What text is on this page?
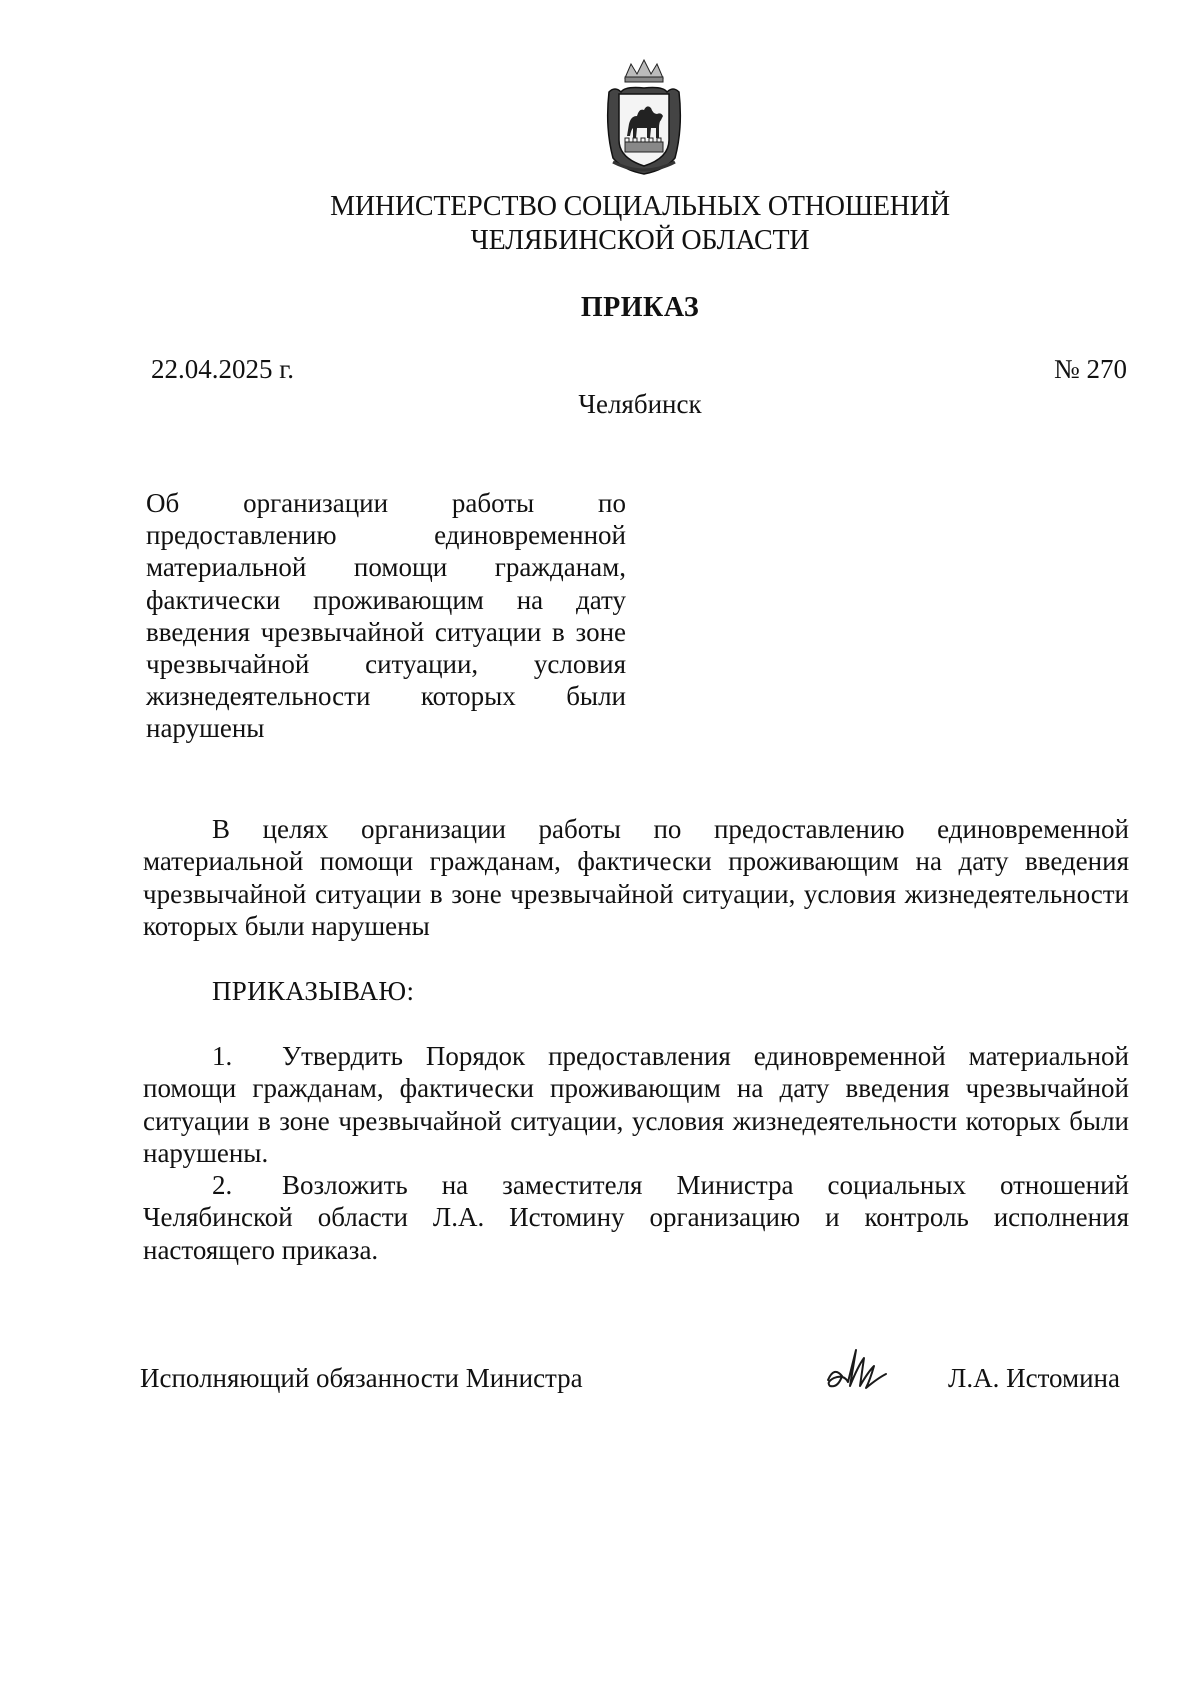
МИНИСТЕРСТВО СОЦИАЛЬНЫХ ОТНОШЕНИЙ
ЧЕЛЯБИНСКОЙ ОБЛАСТИ
ПРИКАЗ
22.04.2025 г.	№ 270
Челябинск
Об организации работы по предоставлению единовременной материальной помощи гражданам, фактически проживающим на дату введения чрезвычайной ситуации в зоне чрезвычайной ситуации, условия жизнедеятельности которых были нарушены
В целях организации работы по предоставлению единовременной материальной помощи гражданам, фактически проживающим на дату введения чрезвычайной ситуации в зоне чрезвычайной ситуации, условия жизнедеятельности которых были нарушены
ПРИКАЗЫВАЮ:

1. Утвердить Порядок предоставления единовременной материальной помощи гражданам, фактически проживающим на дату введения чрезвычайной ситуации в зоне чрезвычайной ситуации, условия жизнедеятельности которых были нарушены.

2. Возложить на заместителя Министра социальных отношений Челябинской области Л.А. Истомину организацию и контроль исполнения настоящего приказа.

Исполняющий обязанности Министра	Л.А. Истомина
